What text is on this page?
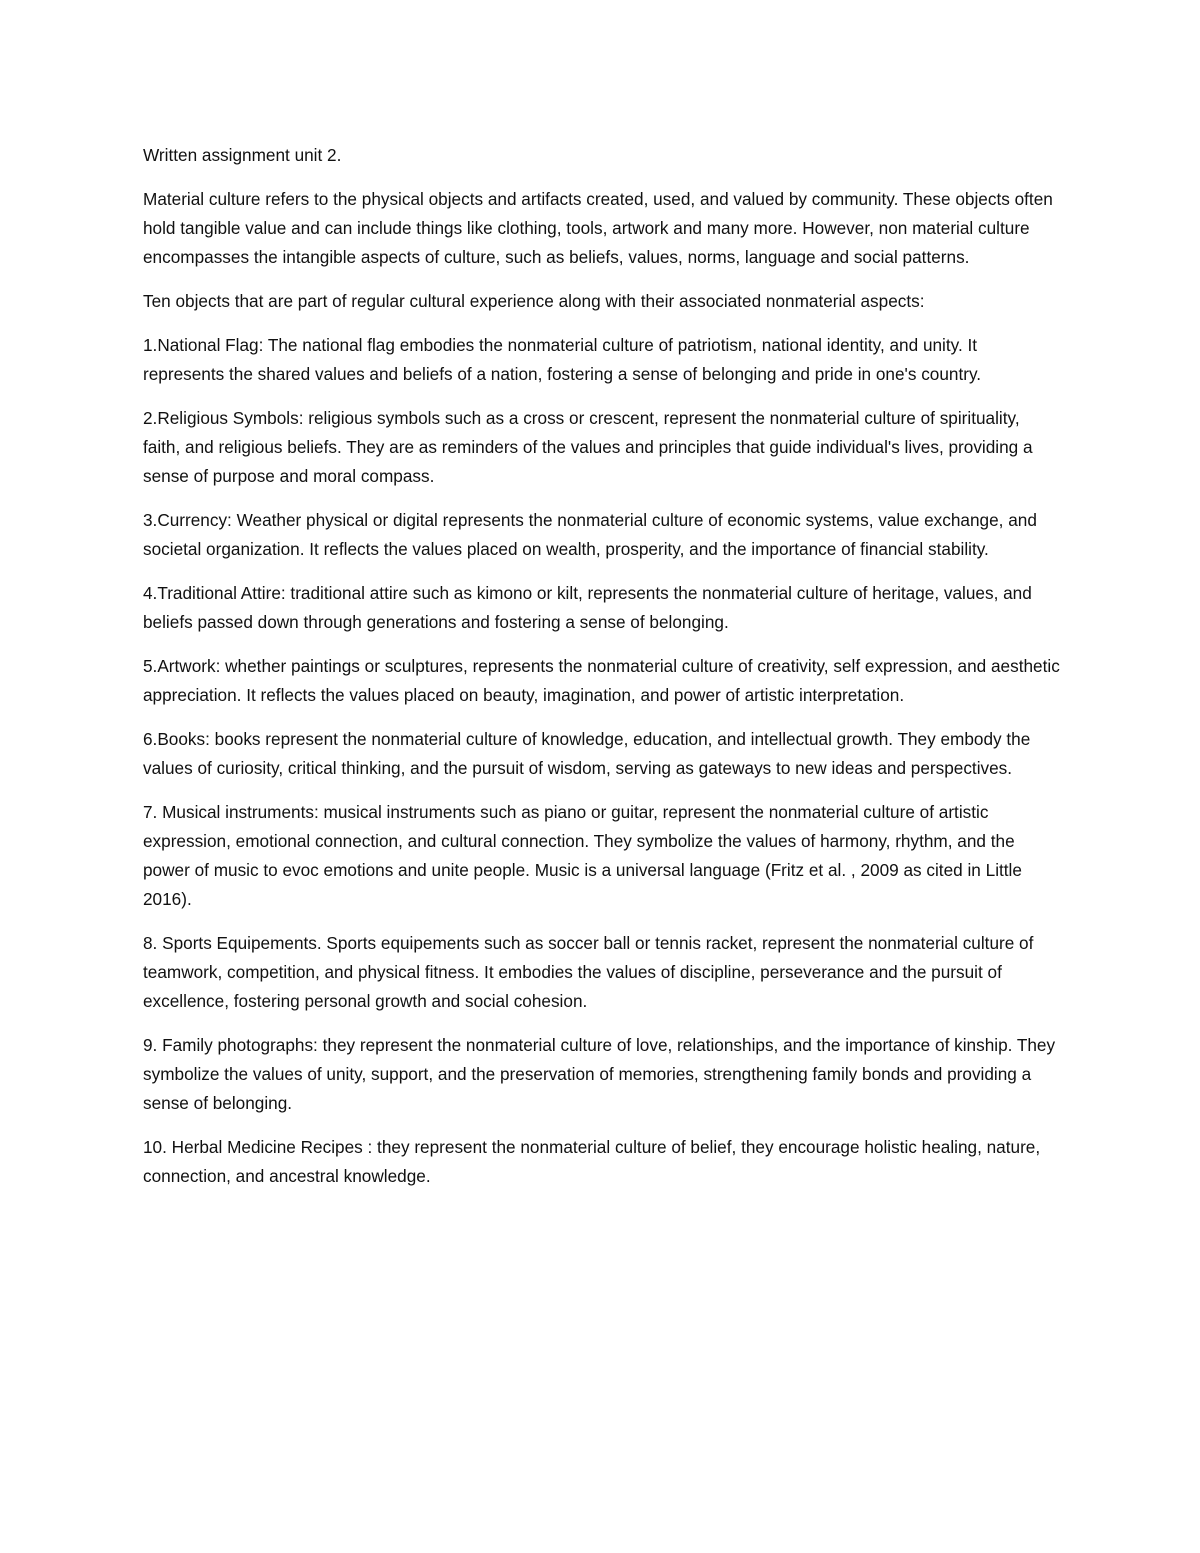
Written assignment unit 2.

Material culture refers to the physical objects and artifacts created, used, and valued by community. These objects often hold tangible value and can include things like clothing, tools, artwork and many more. However, non material culture encompasses the intangible aspects of culture, such as beliefs, values, norms, language and social patterns.

Ten objects that are part of regular cultural experience along with their associated nonmaterial aspects:

1.National Flag: The national flag embodies the nonmaterial culture of patriotism, national identity, and unity. It represents the shared values and beliefs of a nation, fostering a sense of belonging and pride in one's country.

2.Religious Symbols: religious symbols such as a cross or crescent, represent the nonmaterial culture of spirituality, faith, and religious beliefs. They are as reminders of the values and principles that guide individual's lives, providing a sense of purpose and moral compass.

3.Currency: Weather physical or digital represents the nonmaterial culture of economic systems, value exchange, and societal organization. It reflects the values placed on wealth, prosperity, and the importance of financial stability.

4.Traditional Attire: traditional attire such as kimono or kilt, represents the nonmaterial culture of heritage, values, and beliefs passed down through generations and fostering a sense of belonging.

5.Artwork: whether paintings or sculptures, represents the nonmaterial culture of creativity, self expression, and aesthetic appreciation. It reflects the values placed on beauty, imagination, and power of artistic interpretation.

6.Books: books represent the nonmaterial culture of knowledge, education, and intellectual growth. They embody the values of curiosity, critical thinking, and the pursuit of wisdom, serving as gateways to new ideas and perspectives.

7. Musical instruments: musical instruments such as piano or guitar, represent the nonmaterial culture of artistic expression, emotional connection, and cultural connection. They symbolize the values of harmony, rhythm, and the power of music to evoc emotions and unite people. Music is a universal language (Fritz et al. , 2009 as cited in Little 2016).

8. Sports Equipements. Sports equipements such as soccer ball or tennis racket, represent the nonmaterial culture of teamwork, competition, and physical fitness. It embodies the values of discipline, perseverance and the pursuit of excellence, fostering personal growth and social cohesion.

9. Family photographs: they represent the nonmaterial culture of love, relationships, and the importance of kinship. They symbolize the values of unity, support, and the preservation of memories, strengthening family bonds and providing a sense of belonging.

10. Herbal Medicine Recipes : they represent the nonmaterial culture of belief, they encourage holistic healing, nature, connection, and ancestral knowledge.
